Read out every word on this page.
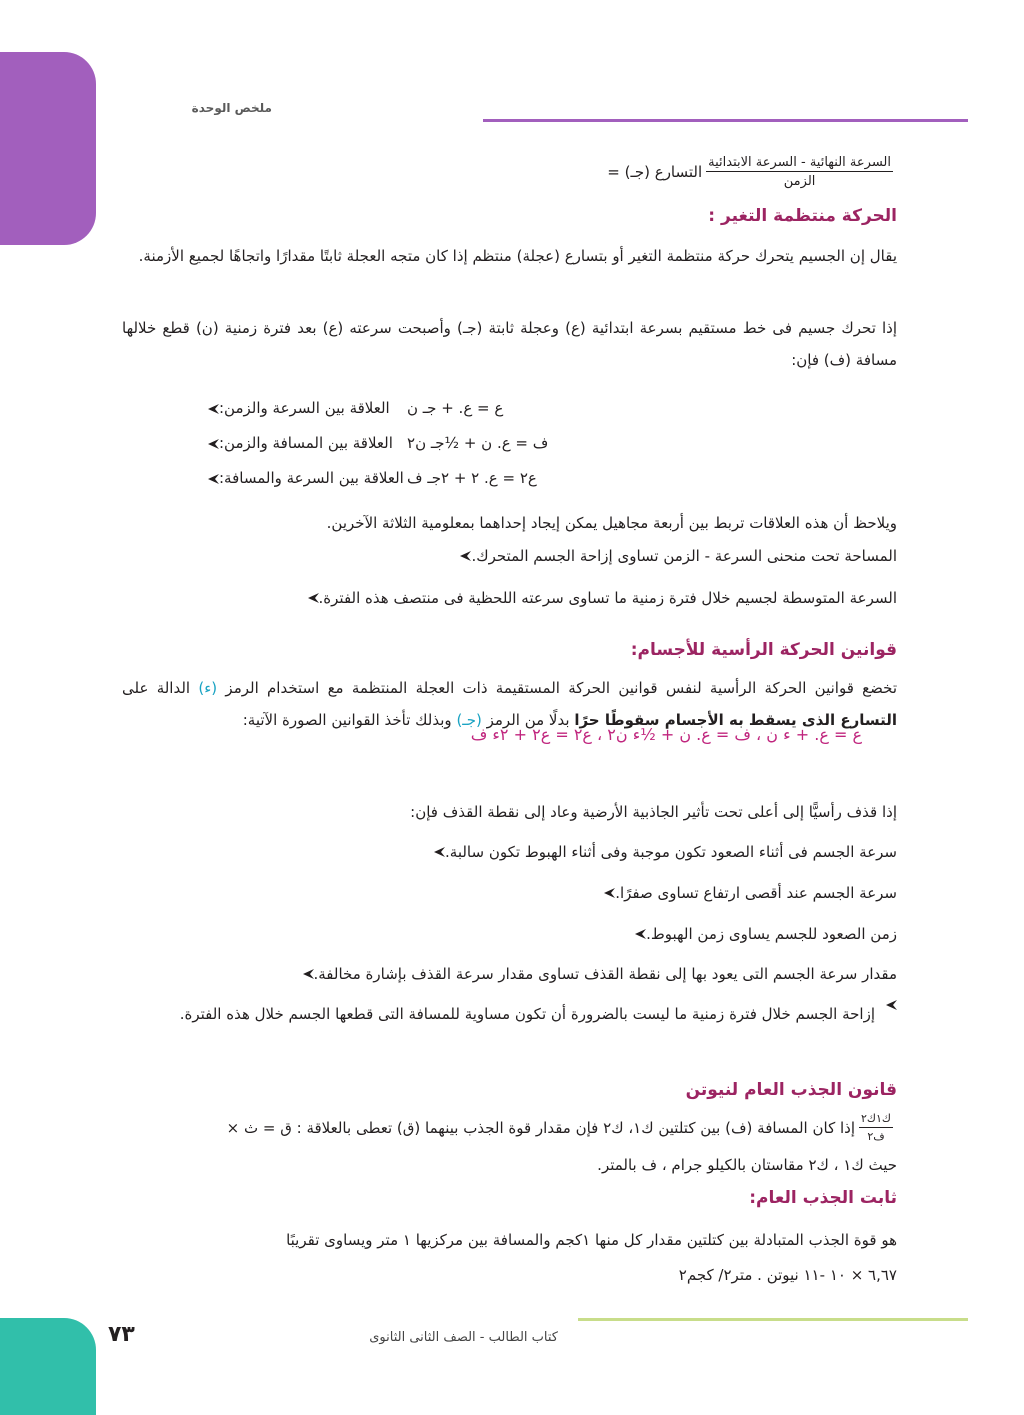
ملخص الوحدة
التسارع (جـ) = $\frac{\text{السرعة النهائية - السرعة الابتدائية}}{\text{الزمن}}$
الحركة منتظمة التغير :
يقال إن الجسيم يتحرك حركة منتظمة التغير أو بتسارع (عجلة) منتظم إذا كان متجه العجلة ثابتًا مقدارًا واتجاهًا لجميع الأزمنة.
إذا تحرك جسيم فى خط مستقيم بسرعة ابتدائية (ع) وعجلة ثابتة (جـ) وأصبحت سرعته (ع) بعد فترة زمنية (ن) قطع خلالها مسافة (ف) فإن:
العلاقة بين السرعة والزمن: ع = ع. + جـ ن
العلاقة بين المسافة والزمن: ف = ع. ن + ½جـ ن٢
العلاقة بين السرعة والمسافة: ع٢ = ع. ٢ + ٢جـ ف
ويلاحظ أن هذه العلاقات تربط بين أربعة مجاهيل يمكن إيجاد إحداهما بمعلومية الثلاثة الآخرين.
المساحة تحت منحنى السرعة - الزمن تساوى إزاحة الجسم المتحرك.
السرعة المتوسطة لجسيم خلال فترة زمنية ما تساوى سرعته اللحظية فى منتصف هذه الفترة.
قوانين الحركة الرأسية للأجسام:
تخضع قوانين الحركة الرأسية لنفس قوانين الحركة المستقيمة ذات العجلة المنتظمة مع استخدام الرمز (ء) الدالة على التسارع الذى يسقط به الأجسام سقوطًا حرًا بدلًا من الرمز (جـ) وبذلك تأخذ القوانين الصورة الآتية:
ع = ع. + ء ن ، ف = ع. ن + ½ء ن٢ ، ع٢ = ع٢ + ٢ء ف
إذا قذف رأسيًّا إلى أعلى تحت تأثير الجاذبية الأرضية وعاد إلى نقطة القذف فإن:
سرعة الجسم فى أثناء الصعود تكون موجبة وفى أثناء الهبوط تكون سالبة.
سرعة الجسم عند أقصى ارتفاع تساوى صفرًا.
زمن الصعود للجسم يساوى زمن الهبوط.
مقدار سرعة الجسم التى يعود بها إلى نقطة القذف تساوى مقدار سرعة القذف بإشارة مخالفة.
إزاحة الجسم خلال فترة زمنية ما ليست بالضرورة أن تكون مساوية للمسافة التى قطعها الجسم خلال هذه الفترة.
قانون الجذب العام لنيوتن
إذا كان المسافة (ف) بين كتلتين ك١، ك٢ فإن مقدار قوة الجذب بينهما (ق) تعطى بالعلاقة : ق = ث × $\frac{\text{ك١ك٢}}{\text{ف٢}}$
حيث ك١ ، ك٢ مقاستان بالكيلو جرام ، ف بالمتر.
ثابت الجذب العام:
هو قوة الجذب المتبادلة بين كتلتين مقدار كل منها ١كجم والمسافة بين مركزيها ١ متر ويساوى تقريبًا
٦,٦٧ × ١٠ -١١ نيوتن . متر٢/ كجم٢
٧٣	كتاب الطالب - الصف الثانى الثانوى
